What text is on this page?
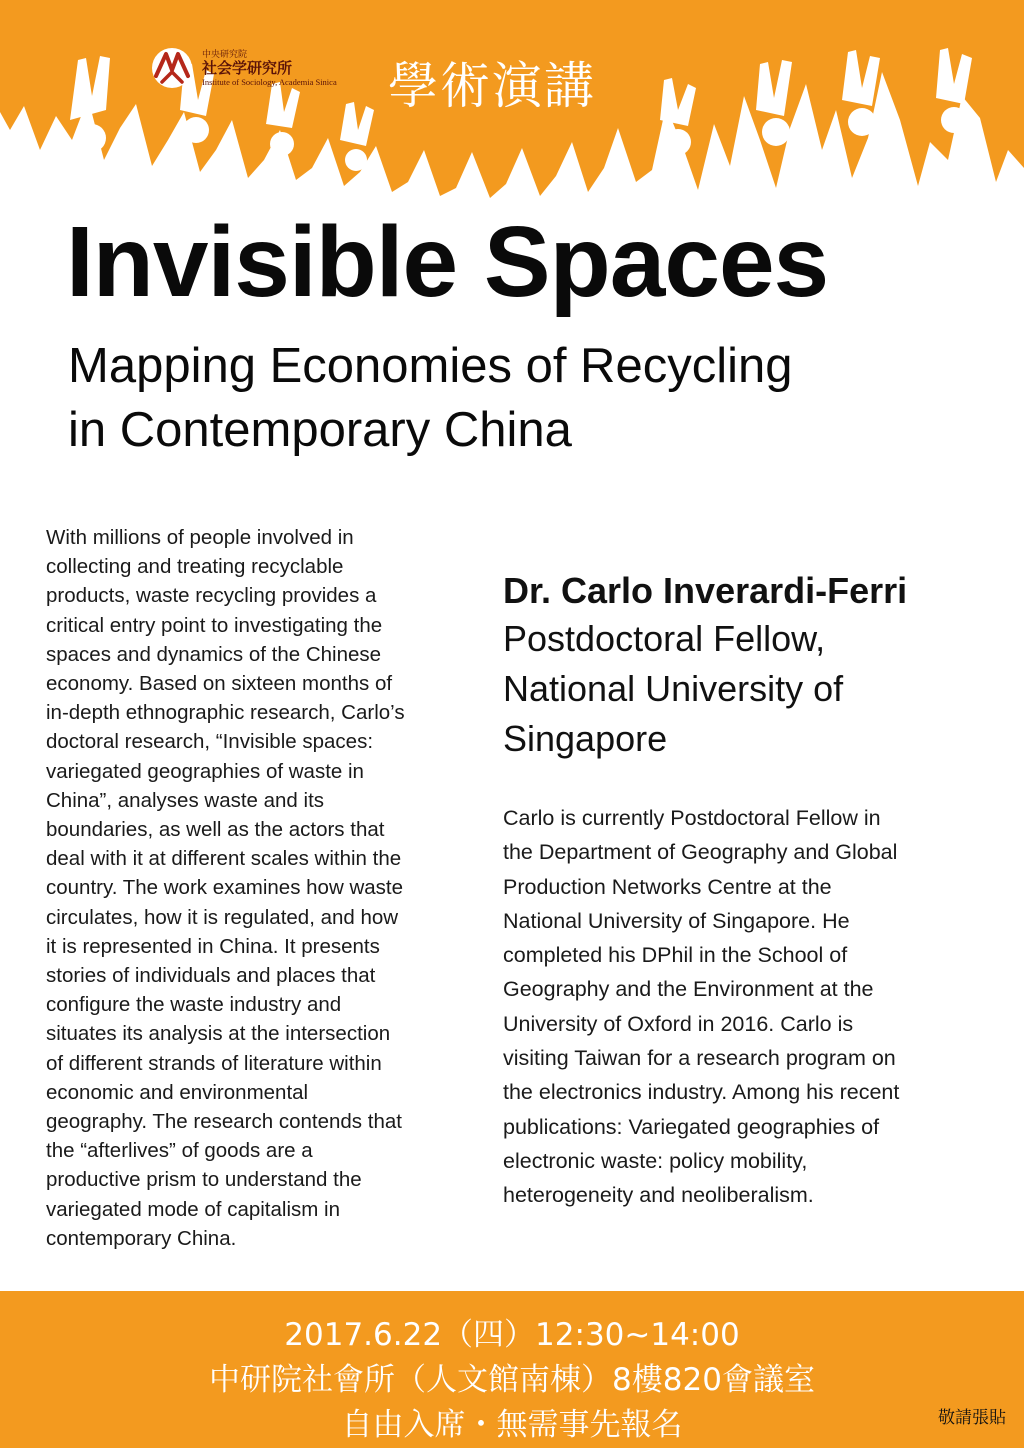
中央研究院
社会学研究所
Institute of Sociology, Academia Sinica 學術演講
Invisible Spaces
Mapping Economies of Recycling
in Contemporary China
With millions of people involved in
collecting and treating recyclable
products, waste recycling provides a
critical entry point to investigating the
spaces and dynamics of the Chinese
economy. Based on sixteen months of
in-depth ethnographic research, Carlo’s
doctoral research, “Invisible spaces:
variegated geographies of waste in
China”, analyses waste and its
boundaries, as well as the actors that
deal with it at different scales within the
country. The work examines how waste
circulates, how it is regulated, and how
it is represented in China. It presents
stories of individuals and places that
configure the waste industry and
situates its analysis at the intersection
of different strands of literature within
economic and environmental
geography. The research contends that
the “afterlives” of goods are a
productive prism to understand the
variegated mode of capitalism in
contemporary China.
Dr. Carlo Inverardi-Ferri
Postdoctoral Fellow,
National University of
Singapore
Carlo is currently Postdoctoral Fellow in
the Department of Geography and Global
Production Networks Centre at the
National University of Singapore. He
completed his DPhil in the School of
Geography and the Environment at the
University of Oxford in 2016. Carlo is
visiting Taiwan for a research program on
the electronics industry. Among his recent
publications: Variegated geographies of
electronic waste: policy mobility,
heterogeneity and neoliberalism.
2017.6.22（四）12:30~14:00
中研院社會所（人文館南棟）8樓820會議室
自由入席・無需事先報名	敬請張貼
